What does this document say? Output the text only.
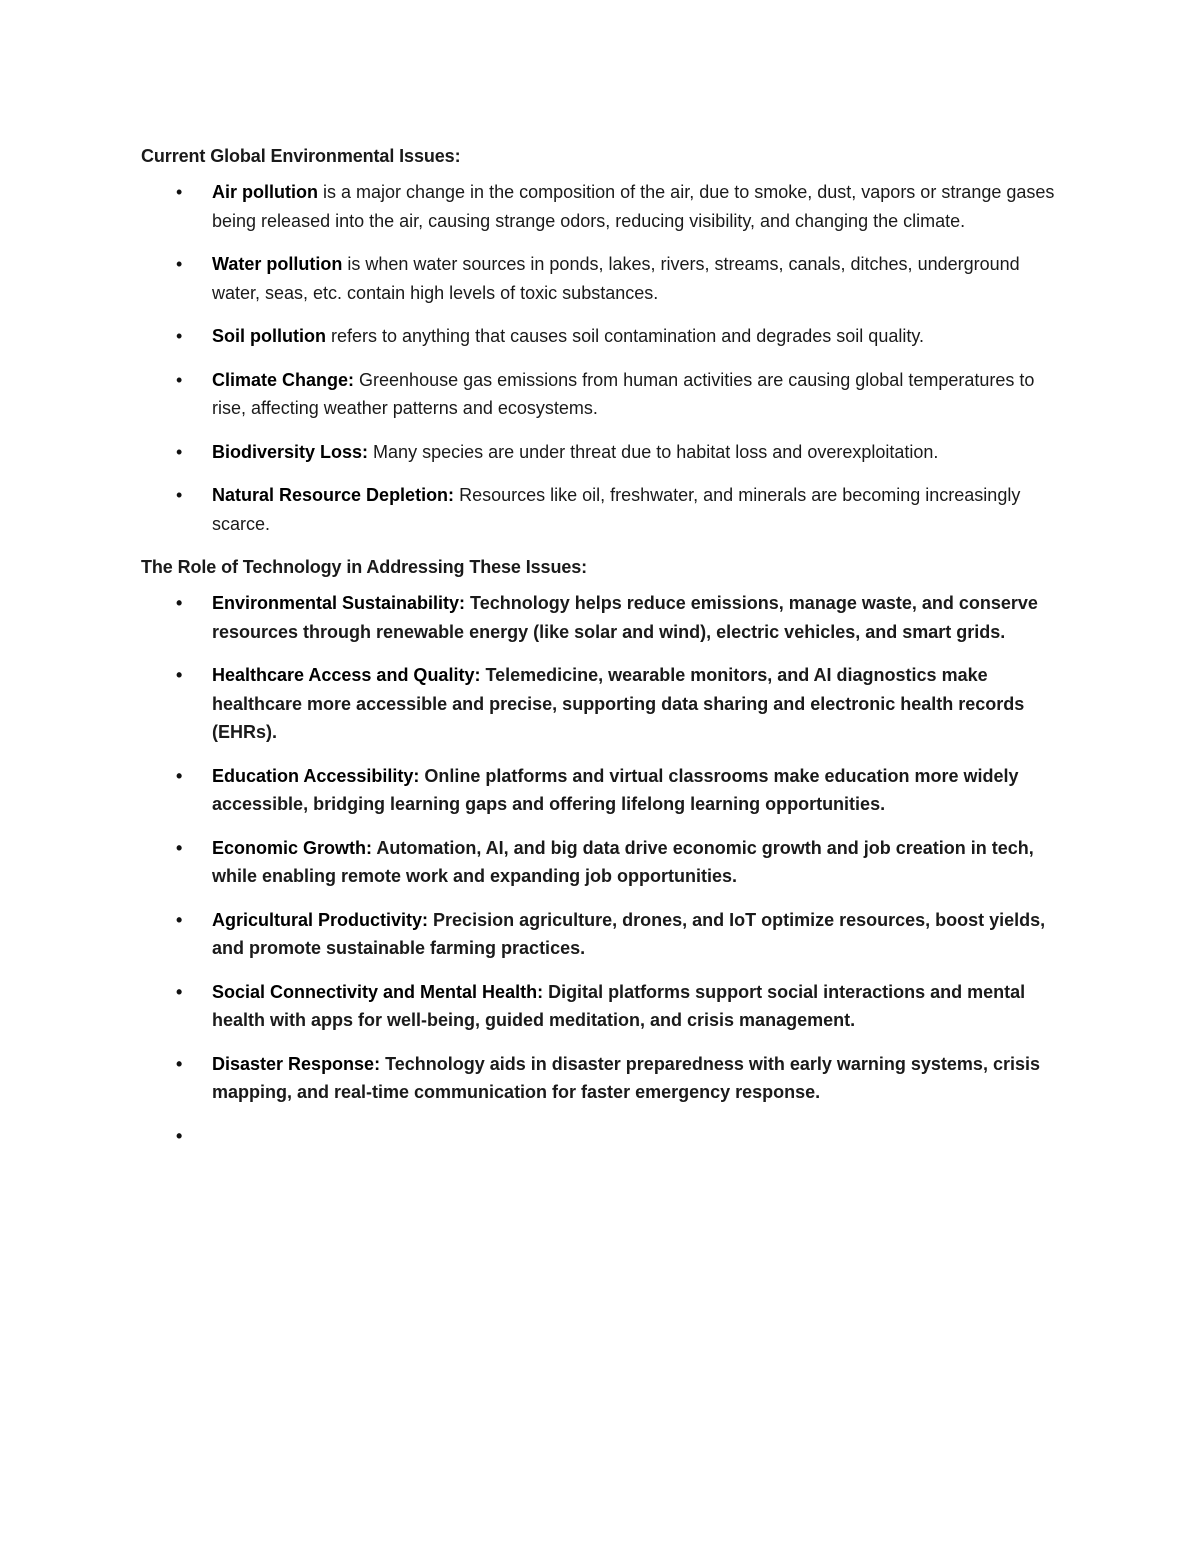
Current Global Environmental Issues:

•	Air pollution is a major change in the composition of the air, due to smoke, dust, vapors or strange gases being released into the air, causing strange odors, reducing visibility, and changing the climate.
•	Water pollution is when water sources in ponds, lakes, rivers, streams, canals, ditches, underground water, seas, etc. contain high levels of toxic substances.
•	Soil pollution refers to anything that causes soil contamination and degrades soil quality.
•	Climate Change: Greenhouse gas emissions from human activities are causing global temperatures to rise, affecting weather patterns and ecosystems.
•	Biodiversity Loss: Many species are under threat due to habitat loss and overexploitation.
•	Natural Resource Depletion: Resources like oil, freshwater, and minerals are becoming increasingly scarce.

The Role of Technology in Addressing These Issues:

•	Environmental Sustainability: Technology helps reduce emissions, manage waste, and conserve resources through renewable energy (like solar and wind), electric vehicles, and smart grids.
•	Healthcare Access and Quality: Telemedicine, wearable monitors, and AI diagnostics make healthcare more accessible and precise, supporting data sharing and electronic health records (EHRs).
•	Education Accessibility: Online platforms and virtual classrooms make education more widely accessible, bridging learning gaps and offering lifelong learning opportunities.
•	Economic Growth: Automation, AI, and big data drive economic growth and job creation in tech, while enabling remote work and expanding job opportunities.
•	Agricultural Productivity: Precision agriculture, drones, and IoT optimize resources, boost yields, and promote sustainable farming practices.
•	Social Connectivity and Mental Health: Digital platforms support social interactions and mental health with apps for well-being, guided meditation, and crisis management.
•	Disaster Response: Technology aids in disaster preparedness with early warning systems, crisis mapping, and real-time communication for faster emergency response.
•
